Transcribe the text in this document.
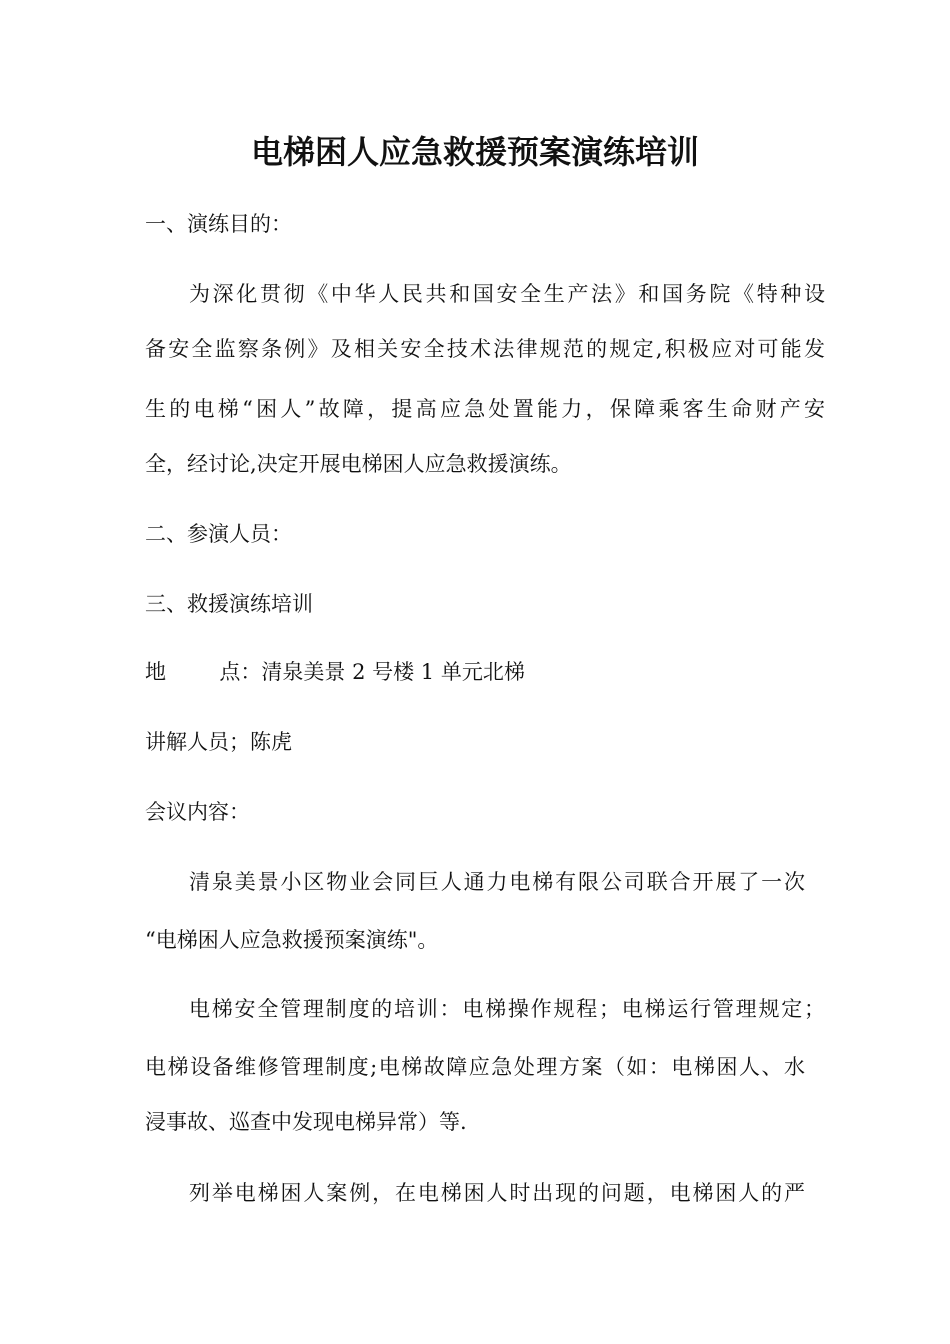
电梯困人应急救援预案演练培训
一、演练目的：
为深化贯彻《中华人民共和国安全生产法》和国务院《特种设
备安全监察条例》及相关安全技术法律规范的规定,积极应对可能发
生的电梯“困人”故障，提高应急处置能力，保障乘客生命财产安
全，经讨论,决定开展电梯困人应急救援演练。
二、参演人员：
三、救援演练培训
地        点：清泉美景 2 号楼 1 单元北梯
讲解人员；陈虎
会议内容：
清泉美景小区物业会同巨人通力电梯有限公司联合开展了一次
“电梯困人应急救援预案演练"。
电梯安全管理制度的培训：电梯操作规程；电梯运行管理规定；
电梯设备维修管理制度;电梯故障应急处理方案（如：电梯困人、水
浸事故、巡查中发现电梯异常）等.
列举电梯困人案例，在电梯困人时出现的问题，电梯困人的严
